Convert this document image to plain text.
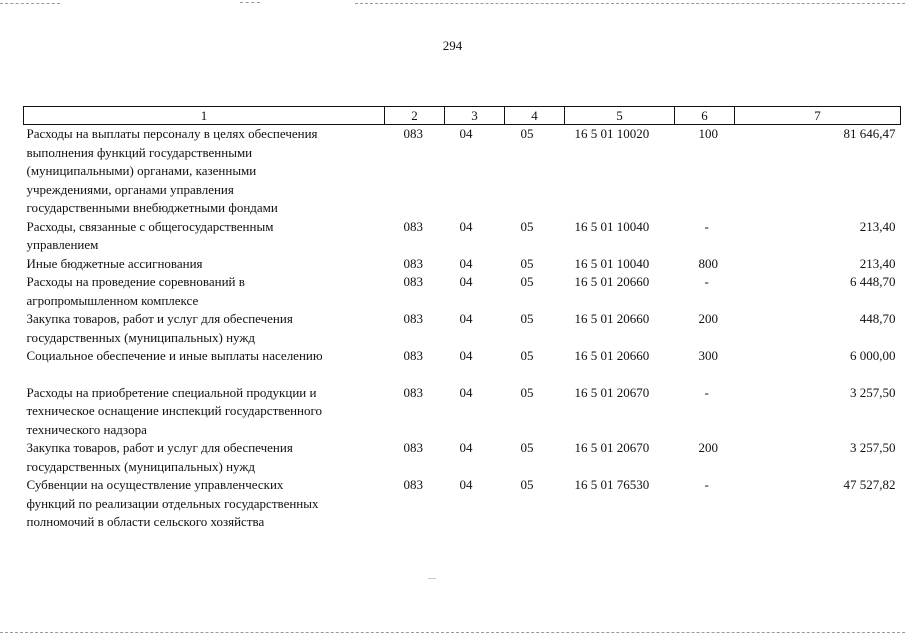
294
1	2	3	4	5	6	7

Расходы на выплаты персоналу в целях обеспечения
выполнения функций государственными
(муниципальными) органами, казенными
учреждениями, органами управления
государственными внебюджетными фондами	083	04	05	16 5 01 10020	100	81 646,47

Расходы, связанные с общегосударственным
управлением	083	04	05	16 5 01 10040	-	213,40

Иные бюджетные ассигнования	083	04	05	16 5 01 10040	800	213,40

Расходы на проведение соревнований в
агропромышленном комплексе	083	04	05	16 5 01 20660	-	6 448,70

Закупка товаров, работ и услуг для обеспечения
государственных (муниципальных) нужд	083	04	05	16 5 01 20660	200	448,70

Социальное обеспечение и иные выплаты населению	083	04	05	16 5 01 20660	300	6 000,00

Расходы на приобретение специальной продукции и
техническое оснащение инспекций государственного
технического надзора	083	04	05	16 5 01 20670	-	3 257,50

Закупка товаров, работ и услуг для обеспечения
государственных (муниципальных) нужд	083	04	05	16 5 01 20670	200	3 257,50

Субвенции на осуществление управленческих
функций по реализации отдельных государственных
полномочий в области сельского хозяйства	083	04	05	16 5 01 76530	-	47 527,82
